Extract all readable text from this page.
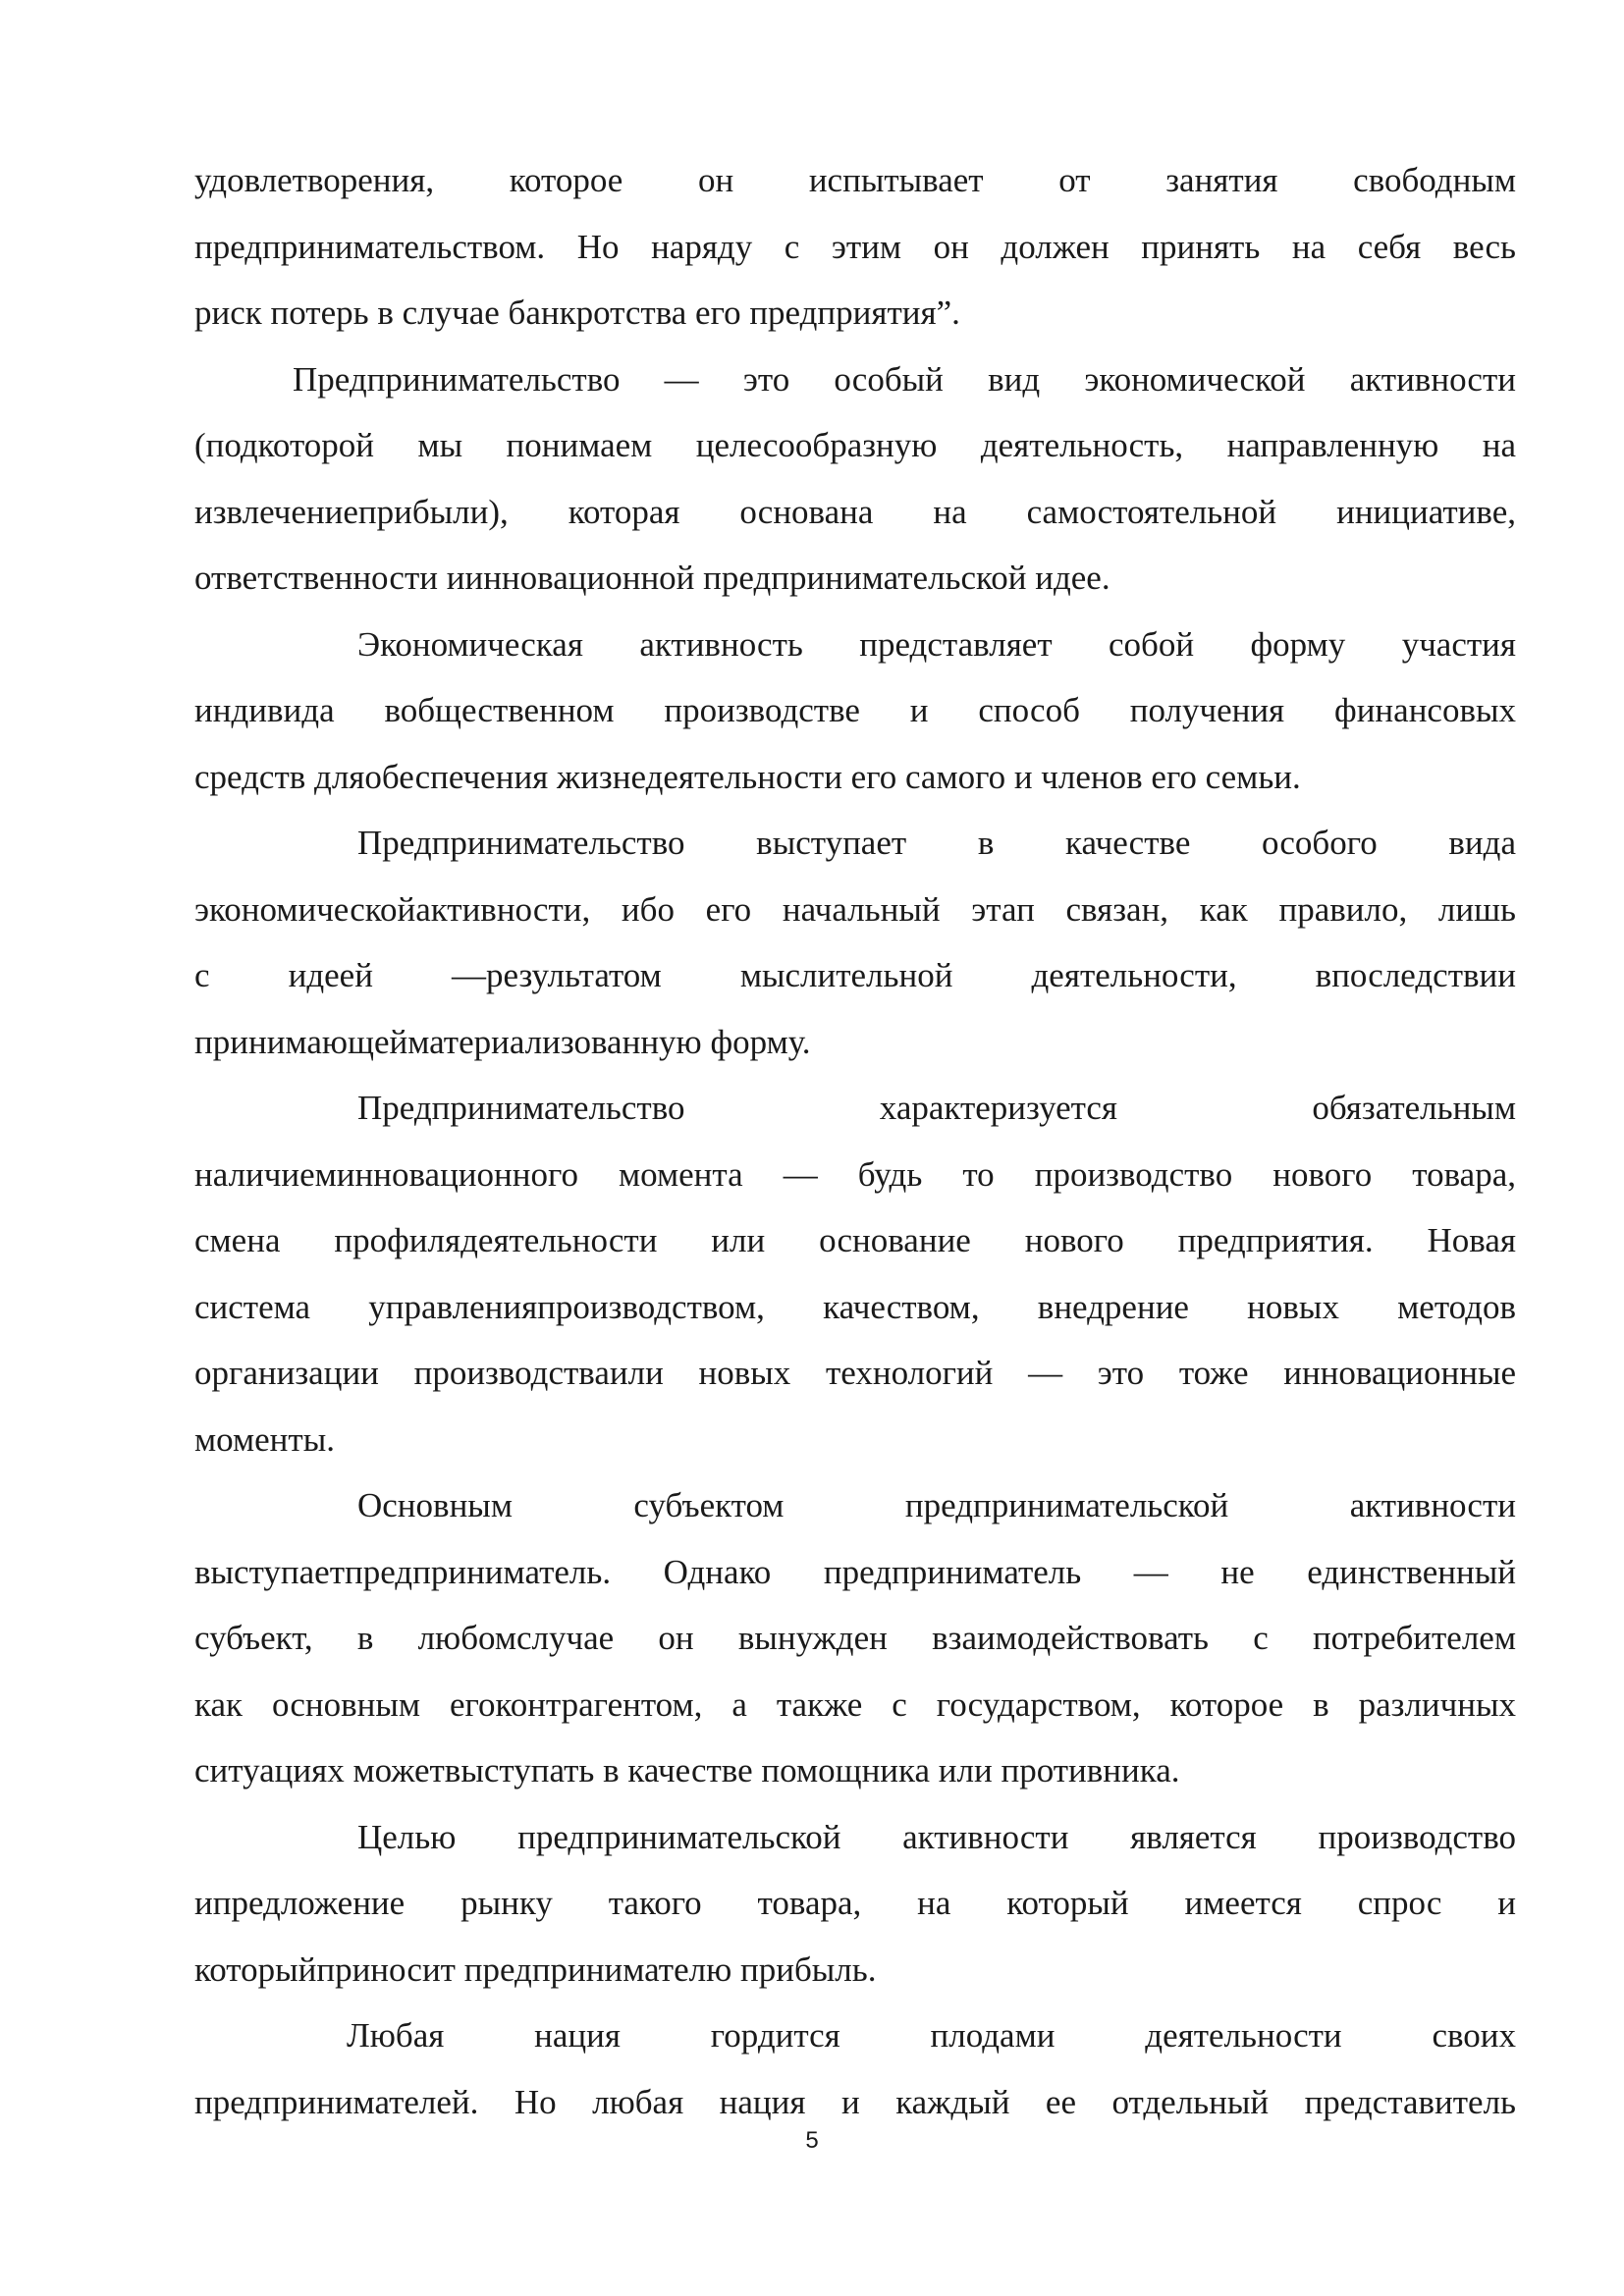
удовлетворения, которое он испытывает от занятия свободным
предпринимательством. Но наряду с этим он должен принять на себя весь
риск потерь в случае банкротства его предприятия”.
Предпринимательство — это особый вид экономической активности
(подкоторой мы понимаем целесообразную деятельность, направленную на
извлечениеприбыли), которая основана на самостоятельной инициативе,
ответственности иинновационной предпринимательской идее.
Экономическая активность представляет собой форму участия
индивида вобщественном производстве и способ получения финансовых
средств дляобеспечения жизнедеятельности его самого и членов его семьи.
Предпринимательство выступает в качестве особого вида
экономическойактивности, ибо его начальный этап связан, как правило, лишь
с идеей —результатом мыслительной деятельности, впоследствии
принимающейматериализованную форму.
Предпринимательство характеризуется обязательным
наличиеминновационного момента — будь то производство нового товара,
смена профилядеятельности или основание нового предприятия. Новая
система управленияпроизводством, качеством, внедрение новых методов
организации производстваили новых технологий — это тоже инновационные
моменты.
Основным субъектом предпринимательской активности
выступаетпредприниматель. Однако предприниматель — не единственный
субъект, в любомслучае он вынужден взаимодействовать с потребителем
как основным егоконтрагентом, а также с государством, которое в различных
ситуациях можетвыступать в качестве помощника или противника.
Целью предпринимательской активности является производство
ипредложение рынку такого товара, на который имеется спрос и
которыйприносит предпринимателю прибыль.
Любая нация гордится плодами деятельности своих
предпринимателей. Но любая нация и каждый ее отдельный представитель
5
